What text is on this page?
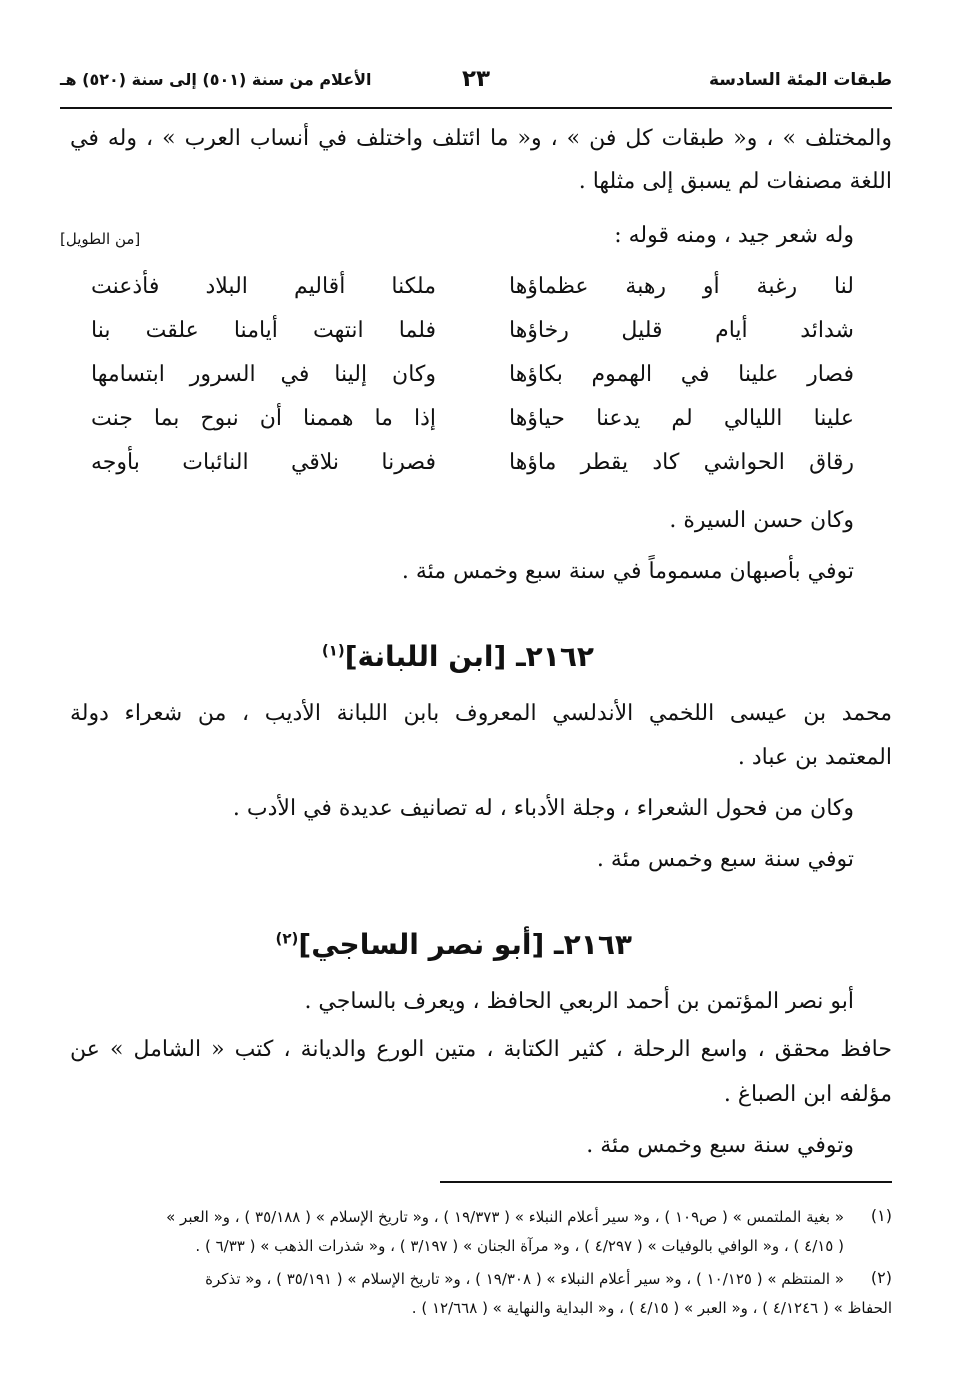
طبقات المئة السادسة
٢٣
الأعلام من سنة (٥٠١) إلى سنة (٥٢٠) هـ
والمختلف » ، و« طبقات كل فن » ، و« ما ائتلف واختلف في أنساب العرب » ، وله في
اللغة مصنفات لم يسبق إلى مثلها .
وله شعر جيد ، ومنه قوله :
[من الطويل]
ملكنا أقاليم البلاد فأذعنت	لنا رغبة أو رهبة عظماؤها
فلما انتهت أيامنا علقت بنا	شدائد أيام قليل رخاؤها
وكان إلينا في السرور ابتسامها	فصار علينا في الهموم بكاؤها
إذا ما هممنا أن نبوح بما جنت	علينا الليالي لم يدعنا حياؤها
فصرنا نلاقي النائبات بأوجه	رقاق الحواشي كاد يقطر ماؤها
وكان حسن السيرة .
توفي بأصبهان مسموماً في سنة سبع وخمس مئة .
٢١٦٢ـ [ابن اللبانة]$^{(١)}$
محمد بن عيسى اللخمي الأندلسي المعروف بابن اللبانة الأديب ، من شعراء دولة
المعتمد بن عباد .
وكان من فحول الشعراء ، وجلة الأدباء ، له تصانيف عديدة في الأدب .
توفي سنة سبع وخمس مئة .
٢١٦٣ـ [أبو نصر الساجي]$^{(٢)}$
أبو نصر المؤتمن بن أحمد الربعي الحافظ ، ويعرف بالساجي .
حافظ محقق ، واسع الرحلة ، كثير الكتابة ، متين الورع والديانة ، كتب « الشامل » عن
مؤلفه ابن الصباغ .
وتوفي سنة سبع وخمس مئة .
(١)
« بغية الملتمس » ( ص١٠٩ ) ، و« سير أعلام النبلاء » ( ١٩/٣٧٣ ) ، و« تاريخ الإسلام » ( ٣٥/١٨٨ ) ، و« العبر »
( ٤/١٥ ) ، و« الوافي بالوفيات » ( ٤/٢٩٧ ) ، و« مرآة الجنان » ( ٣/١٩٧ ) ، و« شذرات الذهب » ( ٦/٣٣ ) .
(٢)
« المنتظم » ( ١٠/١٢٥ ) ، و« سير أعلام النبلاء » ( ١٩/٣٠٨ ) ، و« تاريخ الإسلام » ( ٣٥/١٩١ ) ، و« تذكرة
الحفاظ » ( ٤/١٢٤٦ ) ، و« العبر » ( ٤/١٥ ) ، و« البداية والنهاية » ( ١٢/٦٦٨ ) .
